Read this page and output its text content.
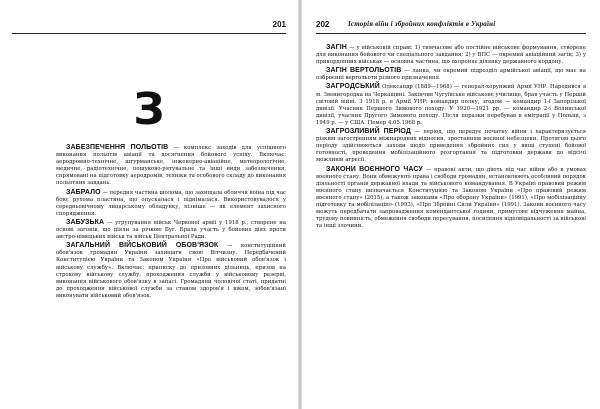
201
З

ЗАБЕЗПЕЧЕННЯ ПОЛЬОТІВ — комплекс заходів для успішного виконання польотів авіації та досягнення бойового успіху. Включає: аеродромно-технічне, штурманське, інженерно-авіаційне, метеорологічне, медичне, радіотехнічне, пошуково-рятувальне та інші види забезпечення, спрямовані на підготовку аеродромів, техніки та особового складу до виконання польотних завдань.

ЗАБРАЛО — передня частина шолома, що захищала обличчя воїна під час бою; рухома пластина, що опускалася і піднімалася. Використовувалося у середньовічному лицарському обладунку, пізніше — як елемент захисного спорядження.

ЗАБУЗЬКА — угрупування військ Червоної армії у 1918 р., створене на основі загонів, що діяли за річкою Буг. Брала участь у бойових діях проти австро-німецьких військ та військ Центральної Ради.

ЗАГАЛЬНИЙ ВІЙСЬКОВИЙ ОБОВ'ЯЗОК — конституційний обов'язок громадян України захищати свою Вітчизну. Передбачений Конституцією України та Законом України «Про військовий обов'язок і військову службу». Включає: приписку до призовних дільниць, призов на строкову військову службу, проходження служби у військовому резерві, виконання військового обов'язку в запасі. Громадяни чоловічої статі, придатні до проходження військової служби за станом здоров'я і віком, зобов'язані виконувати військовий обов'язок.

202	Історія війн і збройних конфліктів в Україні

ЗАГІН — у військовій справі: 1) тимчасове або постійне військове формування, створене для виконання бойового чи спеціального завдання; 2) у ВПС — окремий авіаційний загін; 3) у прикордонних військах — основна частина, що охороняє ділянку державного кордону.

ЗАГІН ВЕРТОЛЬОТІВ — ланка, чи окремий підрозділ армійської авіації, що має на озброєнні вертольоти різного призначення.

ЗАГРОДСЬКИЙ Олександр (1889—1968) — генерал-хорунжий Армії УНР. Народився в м. Звенигородка на Черкащині. Закінчив Чугуївське військове училище, брав участь у Першій світовій війні. З 1918 р. в Армії УНР: командир полку, згодом — командир 1-ї Запорізької дивізії. Учасник Першого Зимового походу. У 1920—1921 рр. — командир 2-ї Волинської дивізії, учасник Другого Зимового походу. Після поразки перебував в еміграції у Польщі, з 1949 р. — у США. Помер 4.05.1968 р.

ЗАГРОЗЛИВИЙ ПЕРІОД — період, що передує початку війни і характеризується різким загостренням міжнародних відносин, зростанням воєнної небезпеки. Протягом цього періоду здійснюються заходи щодо приведення збройних сил у вищі ступені бойової готовності, проведення мобілізаційного розгортання та підготовки держави до відсічі можливій агресії.

ЗАКОНИ ВОЄННОГО ЧАСУ — правові акти, що діють під час війни або в умовах воєнного стану. Вони обмежують права і свободи громадян, встановлюють особливий порядок діяльності органів державної влади та військового командування. В Україні правовий режим воєнного стану визначається Конституцією та Законом України «Про правовий режим воєнного стану» (2015), а також законами «Про оборону України» (1991), «Про мобілізаційну підготовку та мобілізацію» (1993), «Про Збройні Сили України» (1991). Закони воєнного часу можуть передбачати запровадження комендантської години, примусове відчуження майна, трудову повинність, обмеження свободи пересування, посилення відповідальності за військові та інші злочини.
